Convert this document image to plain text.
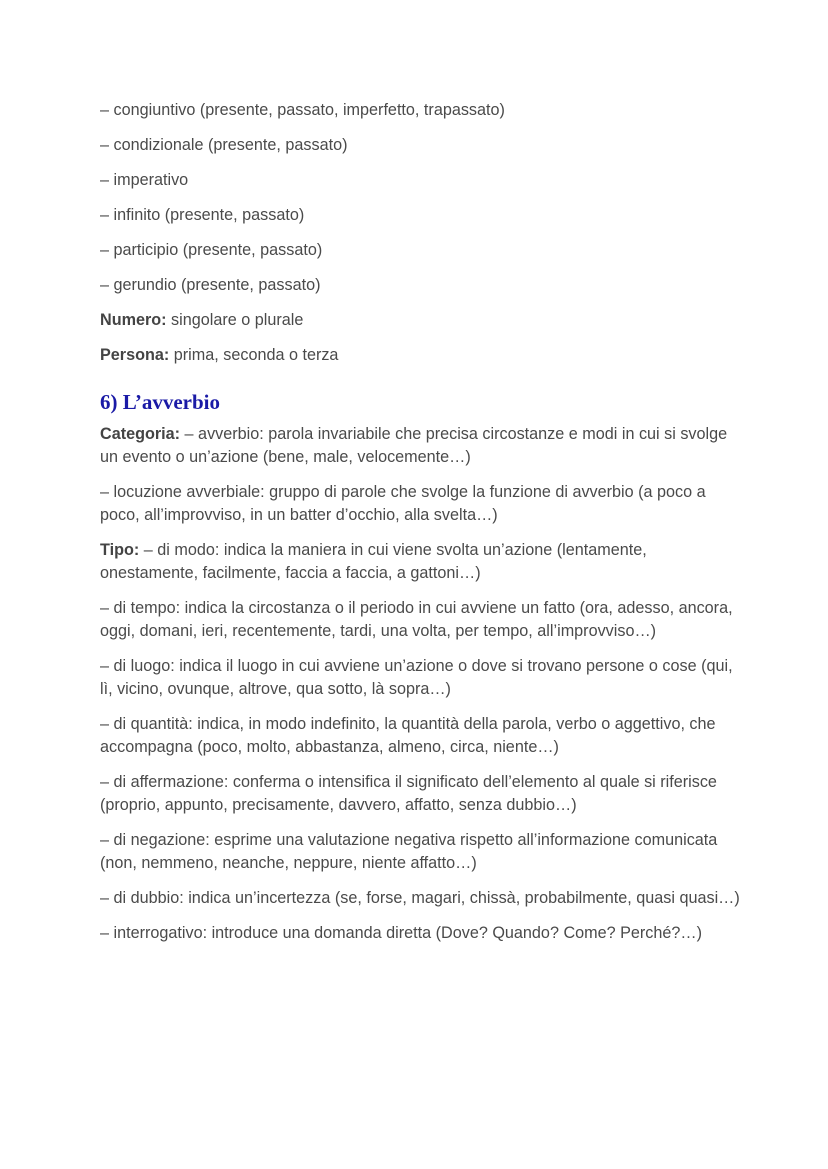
– congiuntivo (presente, passato, imperfetto, trapassato)

– condizionale (presente, passato)

– imperativo

– infinito (presente, passato)

– participio (presente, passato)

– gerundio (presente, passato)

Numero: singolare o plurale

Persona: prima, seconda o terza

6) L’avverbio

Categoria: – avverbio: parola invariabile che precisa circostanze e modi in cui si svolge un evento o un’azione (bene, male, velocemente…)

– locuzione avverbiale: gruppo di parole che svolge la funzione di avverbio (a poco a poco, all’improvviso, in un batter d’occhio, alla svelta…)

Tipo: – di modo: indica la maniera in cui viene svolta un’azione (lentamente, onestamente, facilmente, faccia a faccia, a gattoni…)

– di tempo: indica la circostanza o il periodo in cui avviene un fatto (ora, adesso, ancora, oggi, domani, ieri, recentemente, tardi, una volta, per tempo, all’improvviso…)

– di luogo: indica il luogo in cui avviene un’azione o dove si trovano persone o cose (qui, lì, vicino, ovunque, altrove, qua sotto, là sopra…)

– di quantità: indica, in modo indefinito, la quantità della parola, verbo o aggettivo, che accompagna (poco, molto, abbastanza, almeno, circa, niente…)

– di affermazione: conferma o intensifica il significato dell’elemento al quale si riferisce (proprio, appunto, precisamente, davvero, affatto, senza dubbio…)

– di negazione: esprime una valutazione negativa rispetto all’informazione comunicata (non, nemmeno, neanche, neppure, niente affatto…)

– di dubbio: indica un’incertezza (se, forse, magari, chissà, probabilmente, quasi quasi…)

– interrogativo: introduce una domanda diretta (Dove? Quando? Come? Perché?…)
